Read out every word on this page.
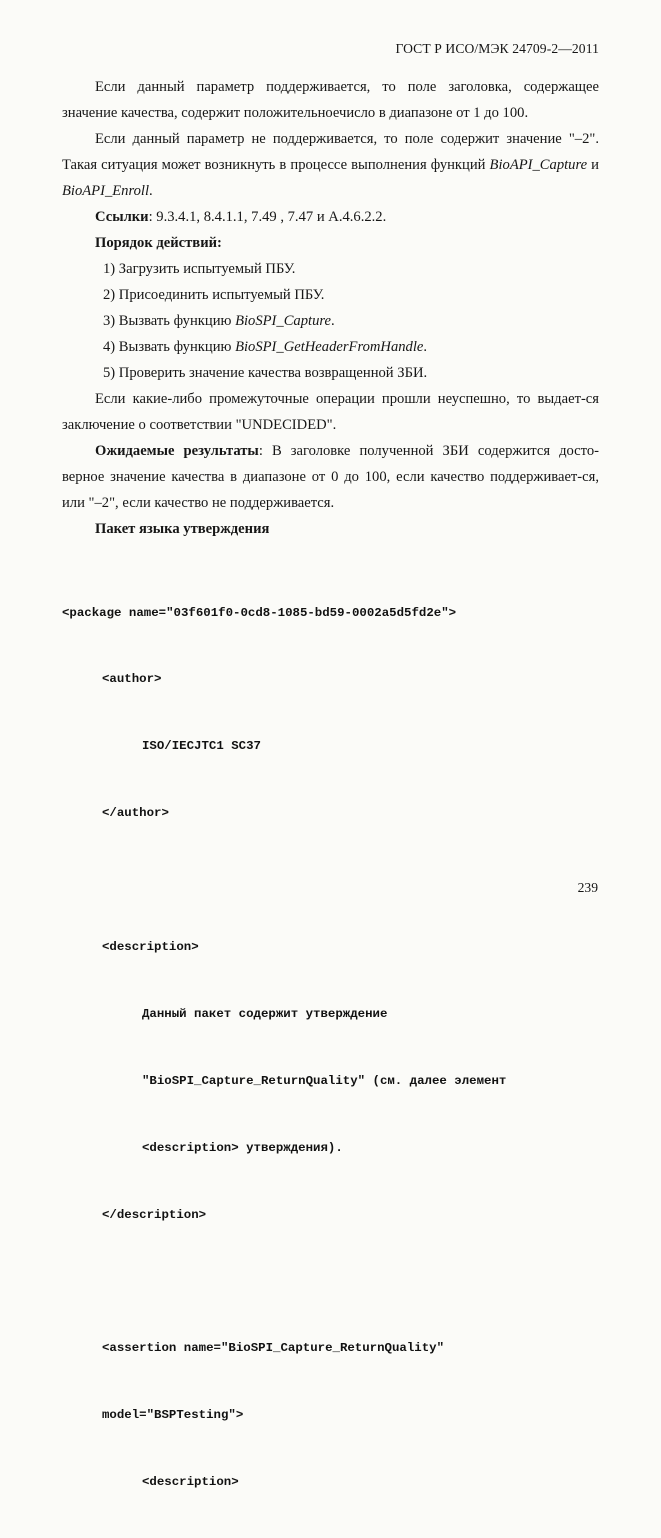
ГОСТ Р ИСО/МЭК 24709-2—2011

Если данный параметр поддерживается, то поле заголовка, содержащее значение качества, содержит положительноечисло в диапазоне от 1 до 100.

Если данный параметр не поддерживается, то поле содержит значение "–2". Такая ситуация может возникнуть в процессе выполнения функций BioAPI_Capture и BioAPI_Enroll.

Ссылки: 9.3.4.1, 8.4.1.1, 7.49 , 7.47 и А.4.6.2.2.
Порядок действий:
1) Загрузить испытуемый ПБУ.
2) Присоединить испытуемый ПБУ.
3) Вызвать функцию BioSPI_Capture.
4) Вызвать функцию BioSPI_GetHeaderFromHandle.
5) Проверить значение качества возвращенной ЗБИ.

Если какие-либо промежуточные операции прошли неуспешно, то выдает-ся заключение о соответствии "UNDECIDED".

Ожидаемые результаты: В заголовке полученной ЗБИ содержится досто-верное значение качества в диапазоне от 0 до 100, если качество поддерживает-ся, или "–2", если качество не поддерживается.

Пакет языка утверждения

<package name="03f601f0-0cd8-1085-bd59-0002a5d5fd2e">

<author>

ISO/IECJTC1 SC37

</author>

<description>

Данный пакет содержит утверждение

"BioSPI_Capture_ReturnQuality" (см. далее элемент

<description> утверждения).

</description>

<assertion name="BioSPI_Capture_ReturnQuality"

model="BSPTesting">

<description>

239
